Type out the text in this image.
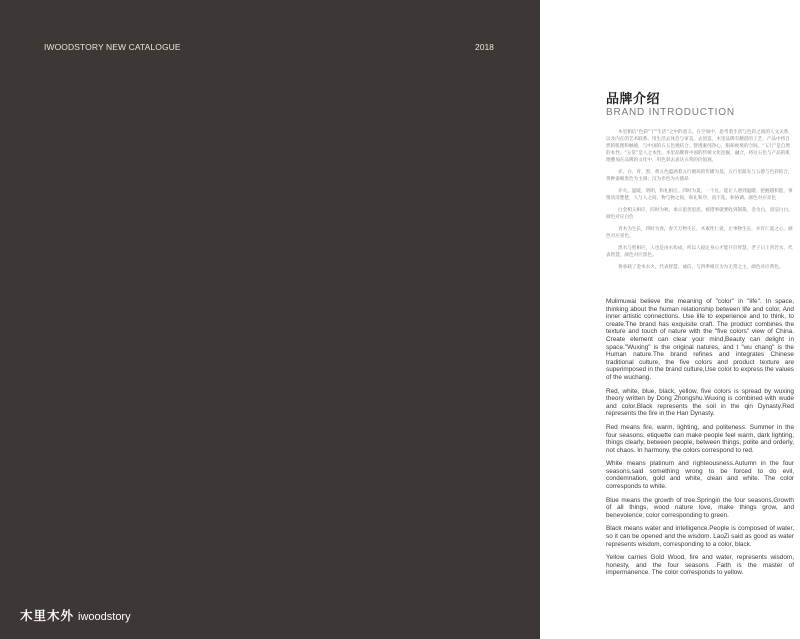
IWOODSTORY NEW CATALOGUE	2018
木里木外 iwoodstory
品牌介绍
BRAND INTRODUCTION

木里相信“色彩”于“生活”之中的意义。在空间中，思考着生活与色彩之间的人文关系，以及内在的艺术联系。用生活去体会与审美，去创造。木里品牌有精湛的工艺，产品中将自然的肌理和触感，与中国的五五色观结合。赞透素纯净心，眼却视境的空间。“五行”是自然的本性。“五常”是人之本性。木里品牌将中国的传统文化挖掘，融合，将这五色与产品的肌理叠加在品牌的文化中，用色彩去表达五常的价值观。

赤、白、青、黑、黄五色蕴涵着五行循环的传播为基。五行里最先与五德与色彩结合，黄种秦朝黑色为主调；汉为赤色为火德昂

赤火，温暖，明朗，和礼相应。四时为夏，一个礼，能让人感到温暖，把握越积能，事情清清楚楚，人与人之间，物与物之间，和礼和序，而不乱，和协调。颜色对应赤色

白金相义相应，四时为秋，承示思善思恶，被错事就要收到制裁，金为白，清洁白白。颜色对应白色

青木为生长，四时为春，春天万物生长，木素性仁爱，让事物生长，并有仁爱之心，颜色对应青色。

黑水与智相应，人也是由水构成，所以人稳定身心才能开启智慧，老子曰上善若水，代表智慧，颜色对应黑色。

黄承载了金木水火，代表智慧、诚信，与四季相应为为无常之主，颜色对应黄色。

Mulimuwai believe the meaning of "color" in "life". In space, thinking about the human relationship between life and color, And inner artistic connections. Use life to experience and to think, to create.The brand has exquisite craft. The product combines the texture and touch of nature with the "five colors" view of China. Create element can clear your mind,Beauty can delight in space."Wuxing" is the original natures, and t "wu chang" is the Human nature.The brand refines and integrates Chinese traditional culture, the five colors and product texture are superimposed in the brand culture,Use color to express the values of the wuchang.

Red, white, blue, black, yellow, five colors is spread by wuxing theory written by Dong Zhongshu.Wuxing is combined with wude and color.Black represents the soil in the qin Dynasty.Red represents the fire in the Han Dynasty.

Red means fire, warm, lighting, and politeness. Summer in the four seasons, etiquette can make people feel warm, dark lighting, things clearly, between people, between things, polite and orderly, not chaos. In harmony, the colors correspond to red.

White means platinum and righteousness.Autumn in the four seasons,said something wrong to be forced to do evil, condemnation, gold and white, clean and white. The color corresponds to white.

Blue means the growth of tree.Springin the four seasons,Growth of all things, wood nature love, make things grow, and benevolence; color corresponding to green.

Black means water and intelligence.People is composed of water, so it can be opened and the wisdom. LaoZi said as good as water represents wisdom, corresponding to a color, black.

Yellow carries Gold Wood, fire and water, represents wisdom, honesty, and the four seasons .Faith is the master of impermanence. The color corresponds to yellow.
